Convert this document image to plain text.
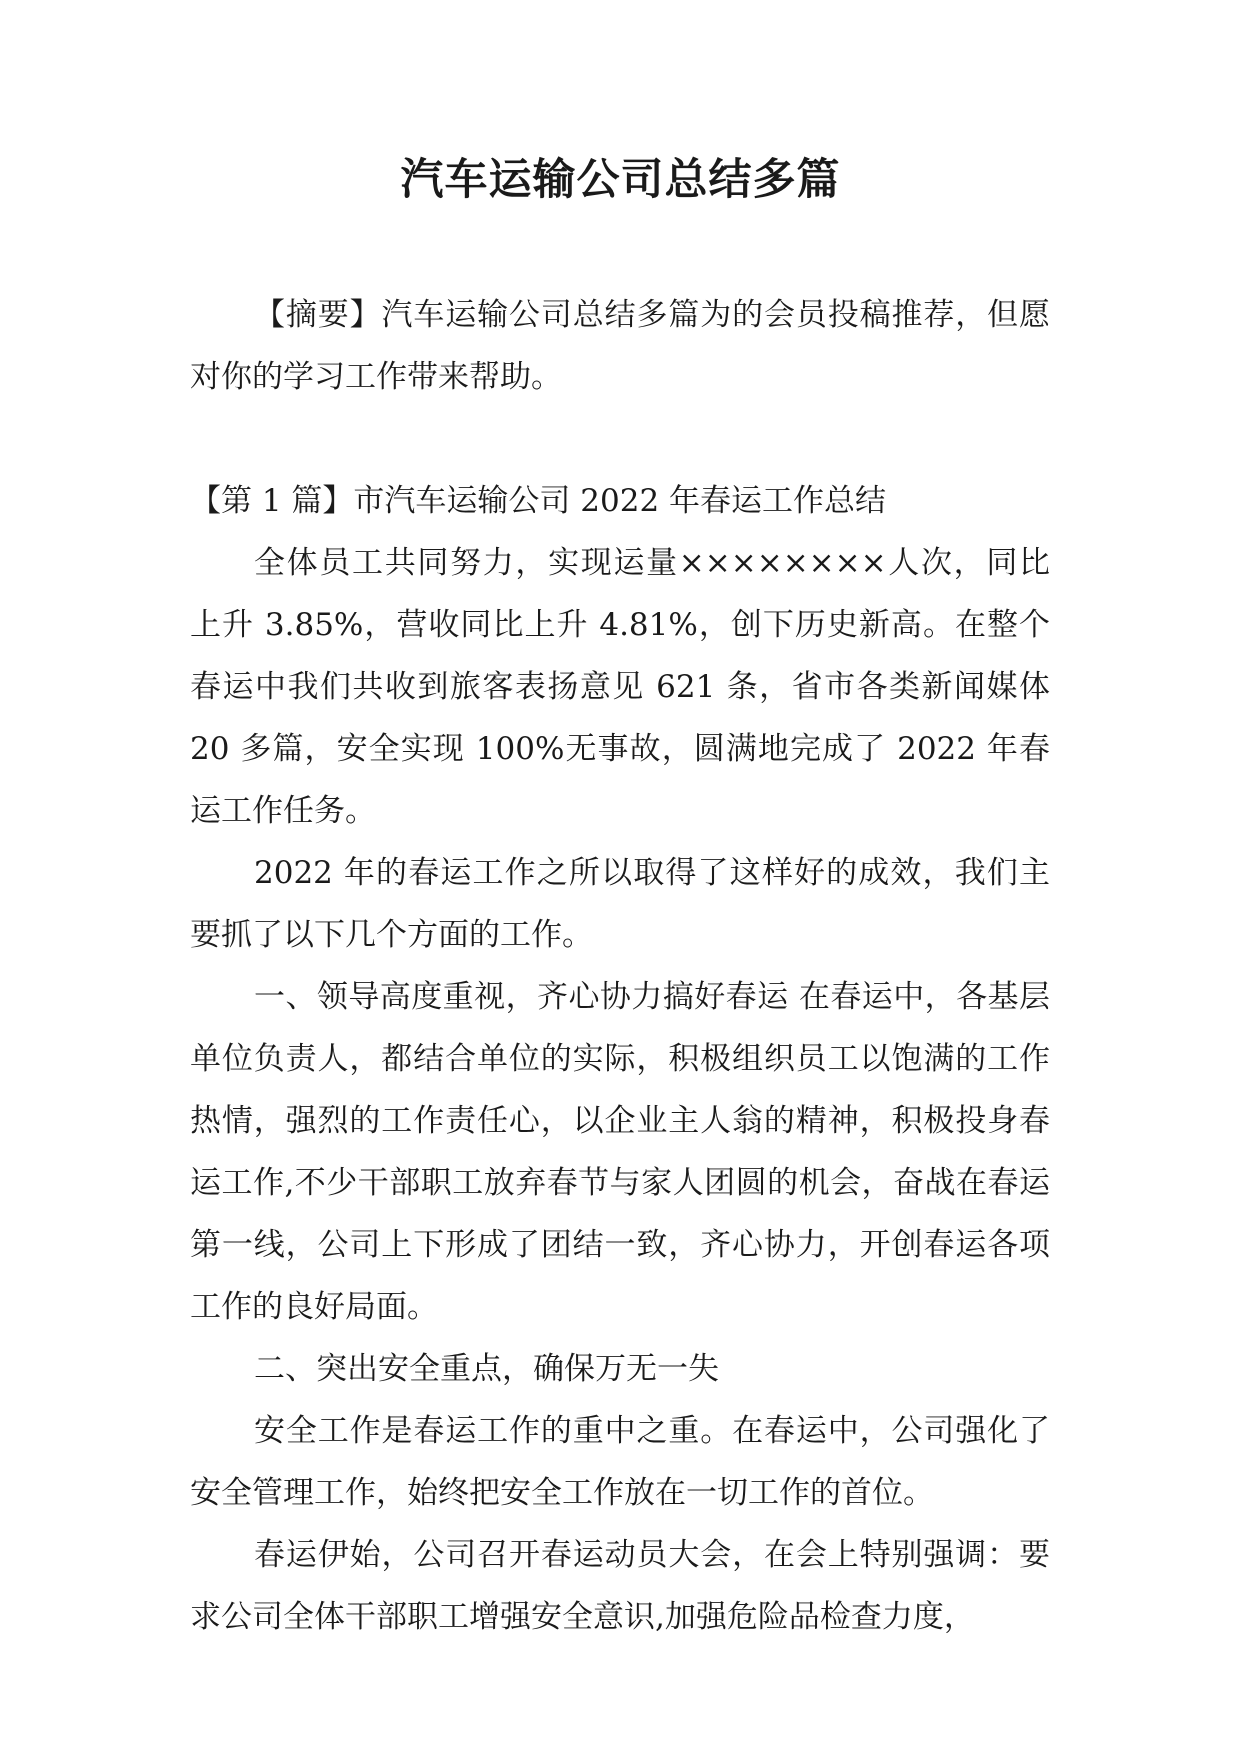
汽车运输公司总结多篇

【摘要】汽车运输公司总结多篇为的会员投稿推荐，但愿对你的学习工作带来帮助。

【第 1 篇】市汽车运输公司 2022 年春运工作总结

全体员工共同努力，实现运量××××××××人次，同比上升 3.85%，营收同比上升 4.81%，创下历史新高。在整个春运中我们共收到旅客表扬意见 621 条，省市各类新闻媒体 20 多篇，安全实现 100%无事故，圆满地完成了 2022 年春运工作任务。

2022 年的春运工作之所以取得了这样好的成效，我们主要抓了以下几个方面的工作。

一、领导高度重视，齐心协力搞好春运 在春运中，各基层单位负责人，都结合单位的实际，积极组织员工以饱满的工作热情，强烈的工作责任心，以企业主人翁的精神，积极投身春运工作,不少干部职工放弃春节与家人团圆的机会，奋战在春运第一线，公司上下形成了团结一致，齐心协力，开创春运各项工作的良好局面。

二、突出安全重点，确保万无一失

安全工作是春运工作的重中之重。在春运中，公司强化了安全管理工作，始终把安全工作放在一切工作的首位。

春运伊始，公司召开春运动员大会，在会上特别强调：要求公司全体干部职工增强安全意识,加强危险品检查力度，
